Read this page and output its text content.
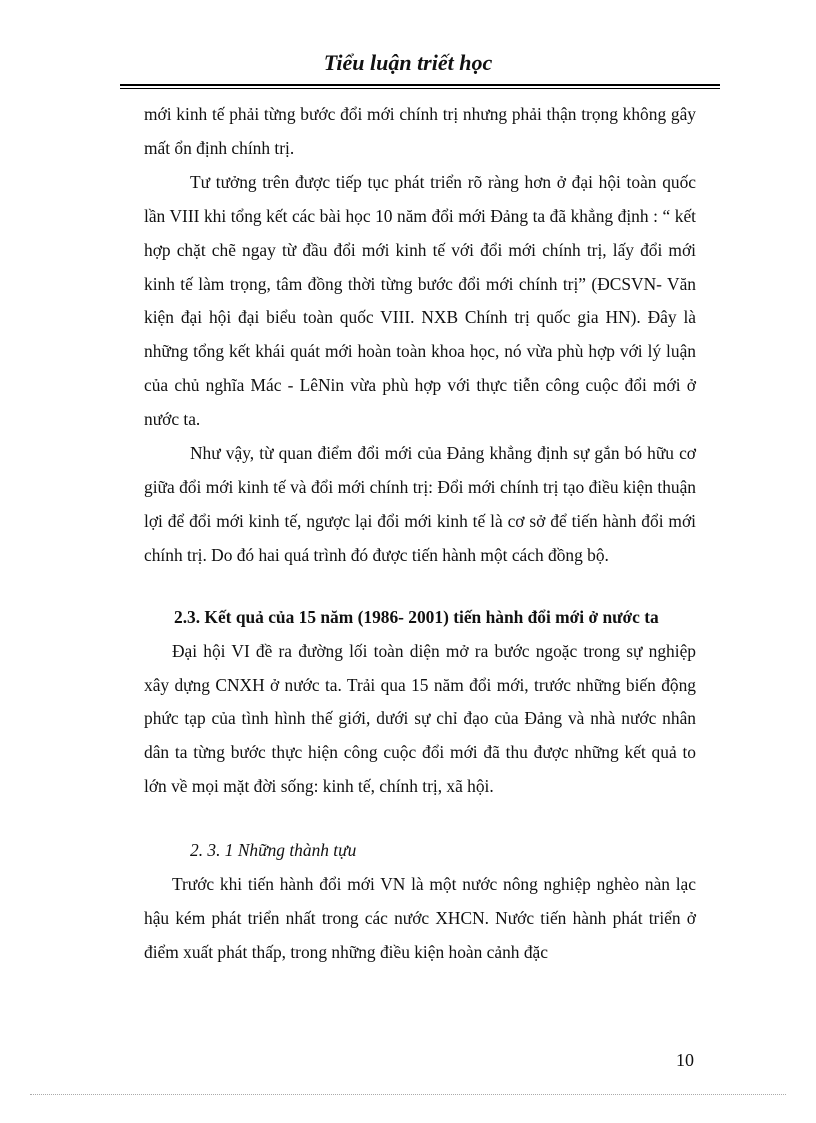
Tiểu luận triết học

mới kinh tế phải từng bước đổi mới chính trị nhưng phải thận trọng không gây mất ổn định chính trị.

Tư tưởng trên được tiếp tục phát triển rõ ràng hơn ở đại hội toàn quốc lần VIII khi tổng kết các bài học 10 năm đổi mới Đảng ta đã khẳng định : “ kết hợp chặt chẽ ngay từ đầu đổi mới kinh tế với đổi mới chính trị, lấy đổi mới kinh tế làm trọng, tâm đồng thời từng bước đổi mới chính trị” (ĐCSVN- Văn kiện đại hội đại biểu toàn quốc VIII. NXB Chính trị quốc gia HN). Đây là những tổng kết khái quát mới hoàn toàn khoa học, nó vừa phù hợp với lý luận của chủ nghĩa Mác - LêNin vừa phù hợp với thực tiễn công cuộc đổi mới ở nước ta.

Như vậy, từ quan điểm đổi mới của Đảng khẳng định sự gắn bó hữu cơ giữa đổi mới kinh tế và đổi mới chính trị: Đổi mới chính trị tạo điều kiện thuận lợi để đổi mới kinh tế, ngược lại đổi mới kinh tế là cơ sở để tiến hành đổi mới chính trị. Do đó hai quá trình đó được tiến hành một cách đồng bộ.

2.3. Kết quả của 15 năm (1986- 2001) tiến hành đổi mới ở nước ta

Đại hội VI đề ra đường lối toàn diện mở ra bước ngoặc trong sự nghiệp xây dựng CNXH ở nước ta. Trải qua 15 năm đổi mới, trước những biến động phức tạp của tình hình thế giới, dưới sự chỉ đạo của Đảng và nhà nước nhân dân ta từng bước thực hiện công cuộc đổi mới đã thu được những kết quả to lớn về mọi mặt đời sống: kinh tế, chính trị, xã hội.

2. 3. 1 Những thành tựu

Trước khi tiến hành đổi mới VN là một nước nông nghiệp nghèo nàn lạc hậu kém phát triển nhất trong các nước XHCN. Nước tiến hành phát triển ở điểm xuất phát thấp, trong những điều kiện hoàn cảnh đặc

10
